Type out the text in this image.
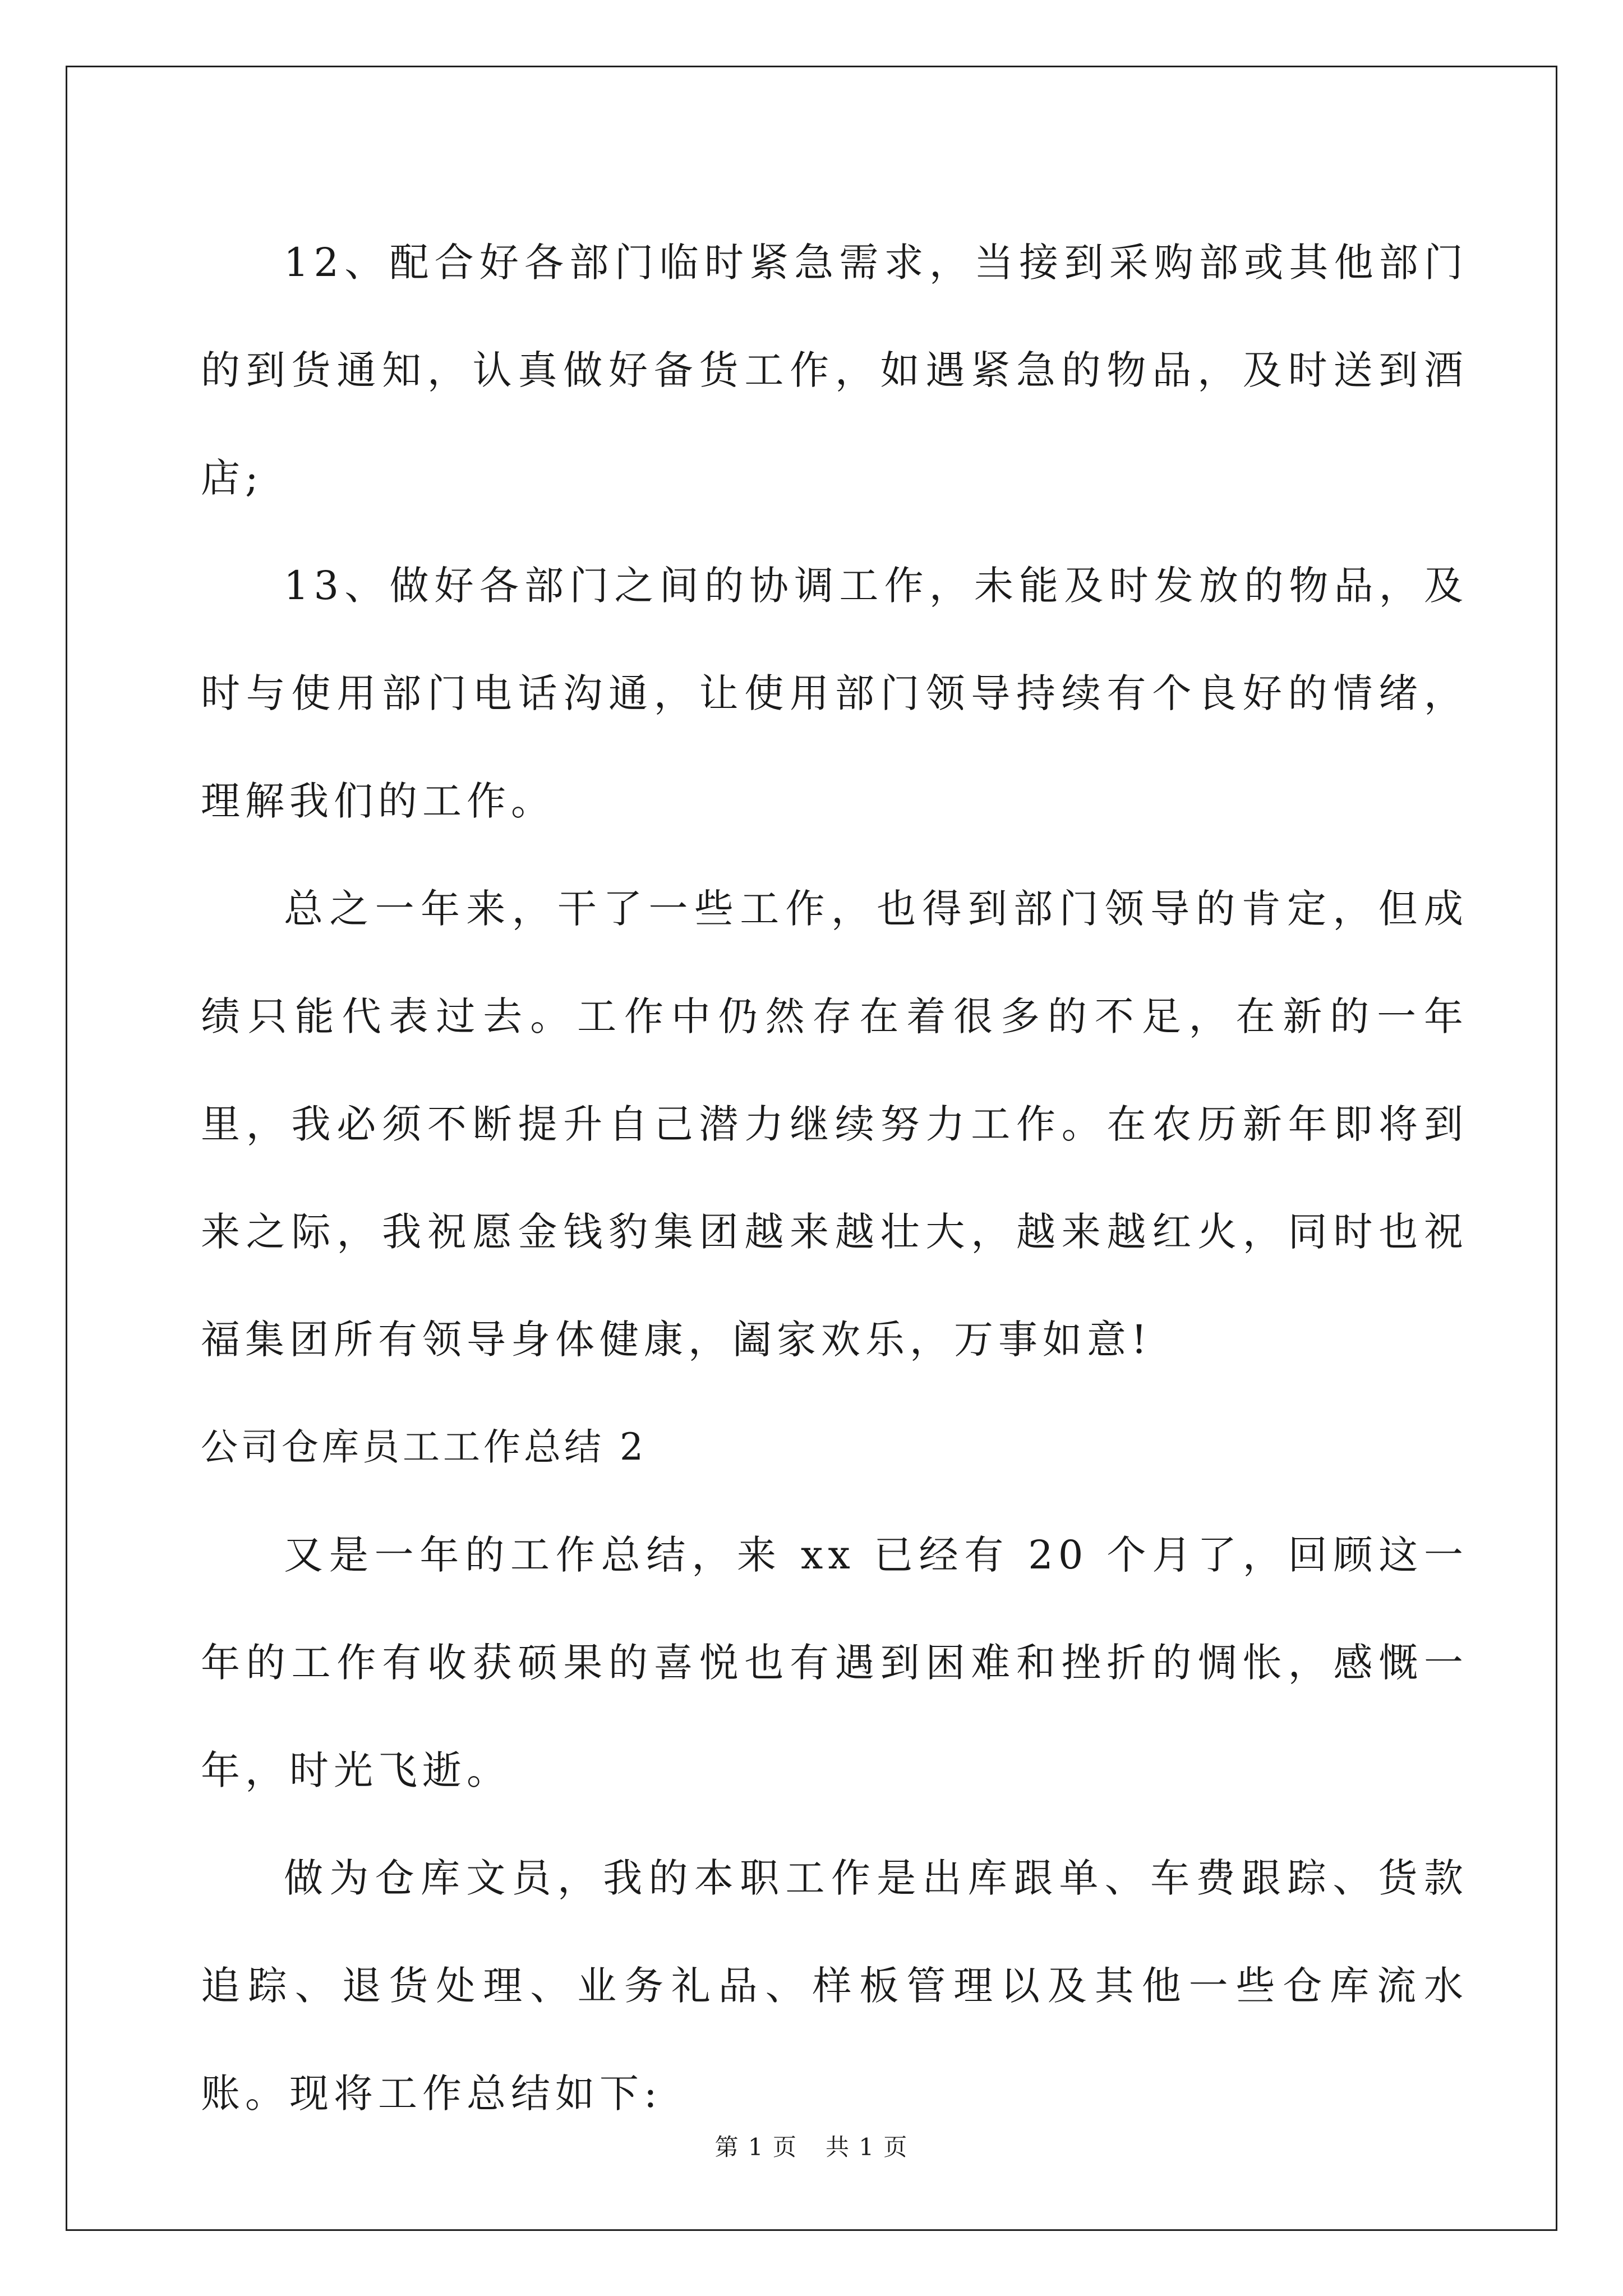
12、配合好各部门临时紧急需求，当接到采购部或其他部门的到货通知，认真做好备货工作，如遇紧急的物品，及时送到酒店;

13、做好各部门之间的协调工作，未能及时发放的物品，及时与使用部门电话沟通，让使用部门领导持续有个良好的情绪，理解我们的工作。

总之一年来，干了一些工作，也得到部门领导的肯定，但成绩只能代表过去。工作中仍然存在着很多的不足，在新的一年里，我必须不断提升自己潜力继续努力工作。在农历新年即将到来之际，我祝愿金钱豹集团越来越壮大，越来越红火，同时也祝福集团所有领导身体健康，阖家欢乐，万事如意!

公司仓库员工工作总结 2

又是一年的工作总结，来 xx 已经有 20 个月了，回顾这一年的工作有收获硕果的喜悦也有遇到困难和挫折的惆怅，感慨一年，时光飞逝。

做为仓库文员，我的本职工作是出库跟单、车费跟踪、货款追踪、退货处理、业务礼品、样板管理以及其他一些仓库流水账。现将工作总结如下:

第 1 页 共 1 页
